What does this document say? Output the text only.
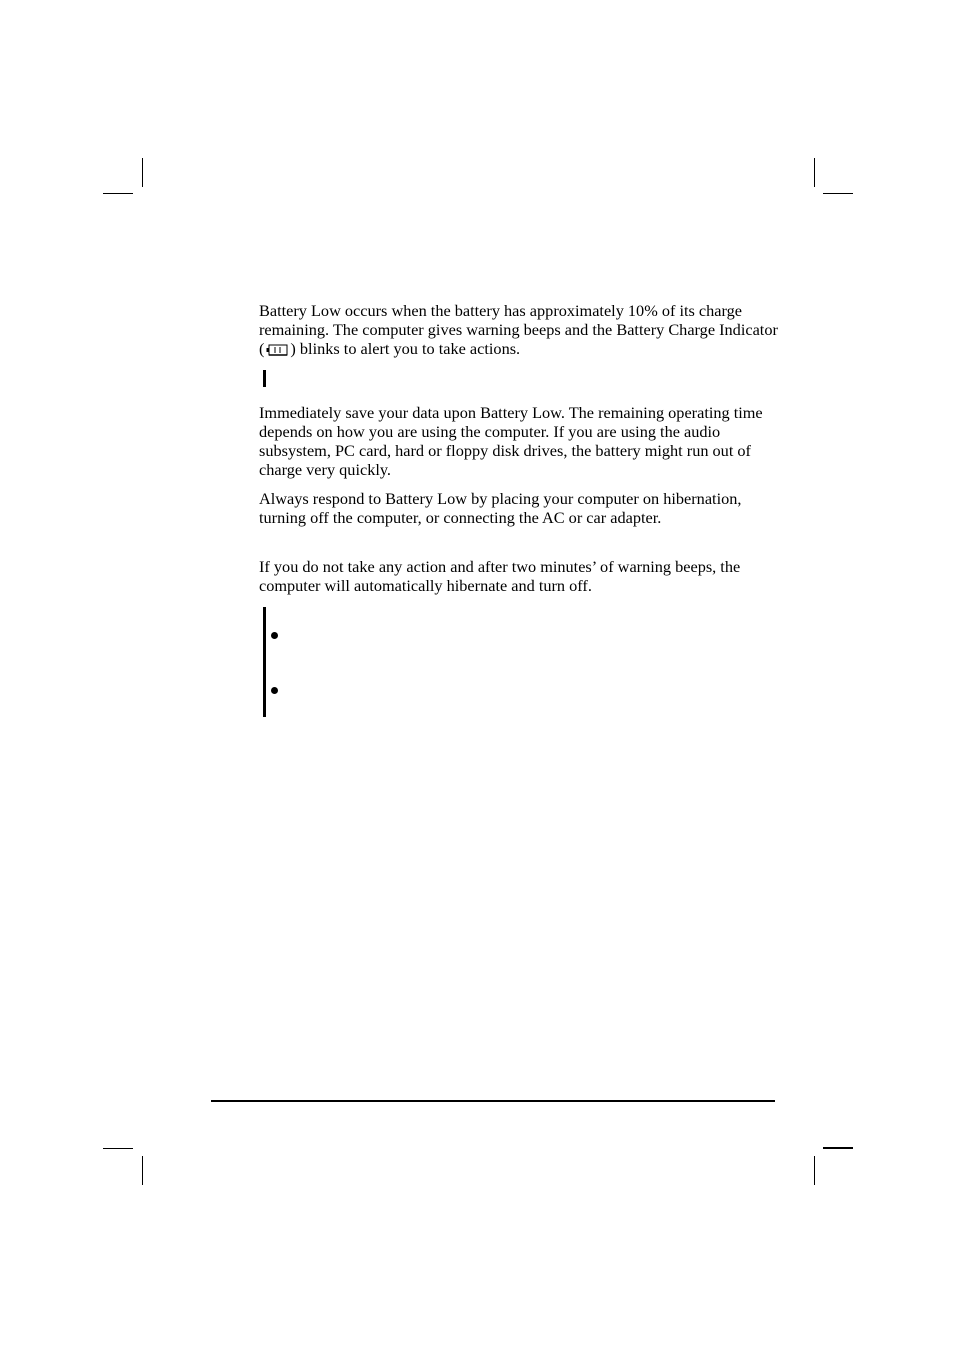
Battery Low occurs when the battery has approximately 10% of its charge remaining. The computer gives warning beeps and the Battery Charge Indicator ( ) blinks to alert you to take actions.

Immediately save your data upon Battery Low. The remaining operating time depends on how you are using the computer. If you are using the audio subsystem, PC card, hard or floppy disk drives, the battery might run out of charge very quickly.

Always respond to Battery Low by placing your computer on hibernation, turning off the computer, or connecting the AC or car adapter.

If you do not take any action and after two minutes’ of warning beeps, the computer will automatically hibernate and turn off.
